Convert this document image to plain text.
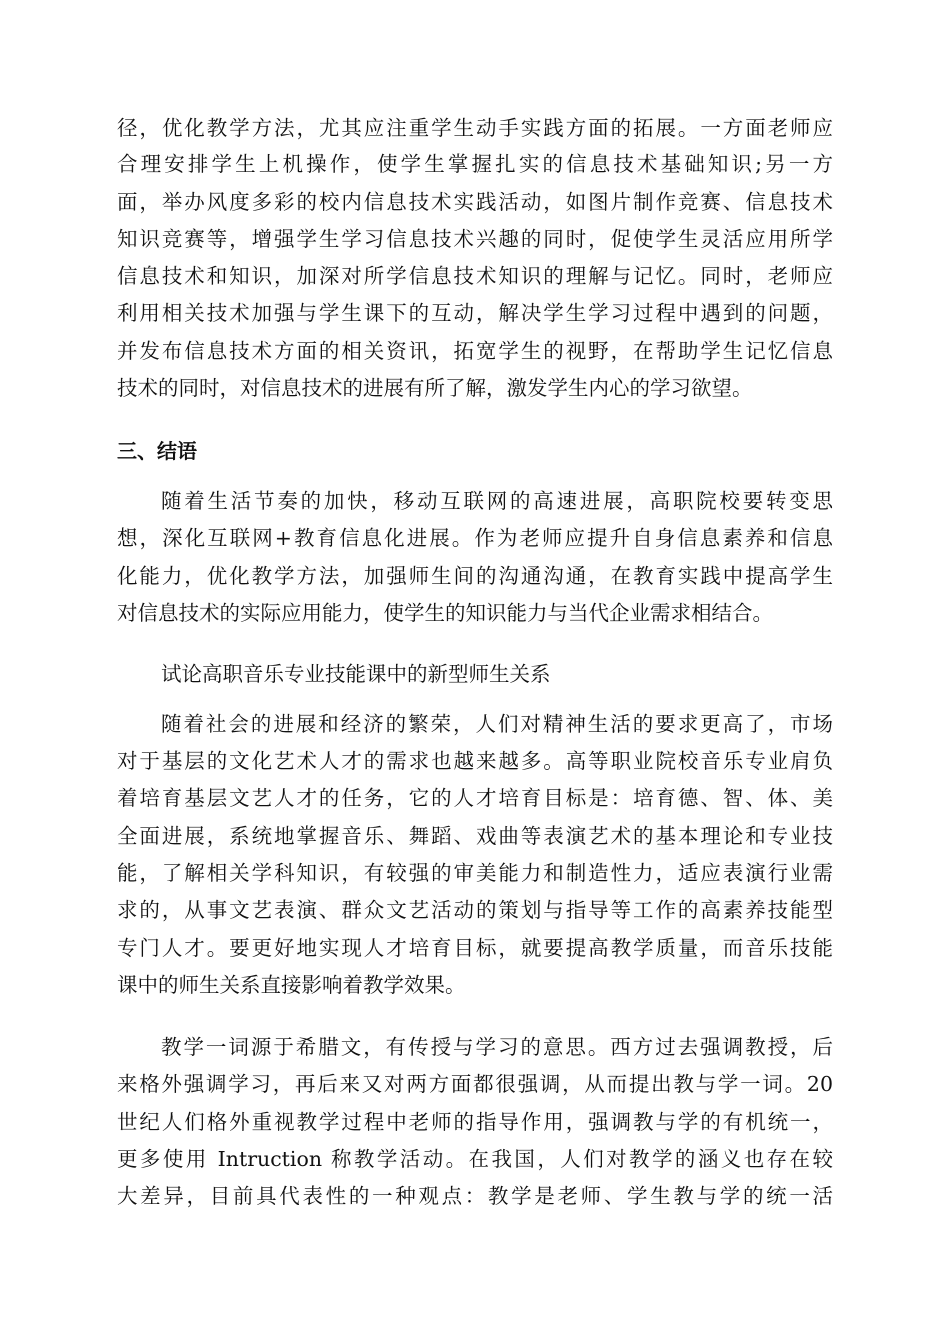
径，优化教学方法，尤其应注重学生动手实践方面的拓展。一方面老师应
合理安排学生上机操作，使学生掌握扎实的信息技术基础知识;另一方
面，举办风度多彩的校内信息技术实践活动，如图片制作竞赛、信息技术
知识竞赛等，增强学生学习信息技术兴趣的同时，促使学生灵活应用所学
信息技术和知识，加深对所学信息技术知识的理解与记忆。同时，老师应
利用相关技术加强与学生课下的互动，解决学生学习过程中遇到的问题，
并发布信息技术方面的相关资讯，拓宽学生的视野，在帮助学生记忆信息
技术的同时，对信息技术的进展有所了解，激发学生内心的学习欲望。
三、结语
随着生活节奏的加快，移动互联网的高速进展，高职院校要转变思
想，深化互联网+教育信息化进展。作为老师应提升自身信息素养和信息
化能力，优化教学方法，加强师生间的沟通沟通，在教育实践中提高学生
对信息技术的实际应用能力，使学生的知识能力与当代企业需求相结合。
试论高职音乐专业技能课中的新型师生关系
随着社会的进展和经济的繁荣，人们对精神生活的要求更高了，市场
对于基层的文化艺术人才的需求也越来越多。高等职业院校音乐专业肩负
着培育基层文艺人才的任务，它的人才培育目标是：培育德、智、体、美
全面进展，系统地掌握音乐、舞蹈、戏曲等表演艺术的基本理论和专业技
能，了解相关学科知识，有较强的审美能力和制造性力，适应表演行业需
求的，从事文艺表演、群众文艺活动的策划与指导等工作的高素养技能型
专门人才。要更好地实现人才培育目标，就要提高教学质量，而音乐技能
课中的师生关系直接影响着教学效果。
教学一词源于希腊文，有传授与学习的意思。西方过去强调教授，后
来格外强调学习，再后来又对两方面都很强调，从而提出教与学一词。20
世纪人们格外重视教学过程中老师的指导作用，强调教与学的有机统一，
更多使用 Intruction 称教学活动。在我国，人们对教学的涵义也存在较
大差异，目前具代表性的一种观点：教学是老师、学生教与学的统一活
